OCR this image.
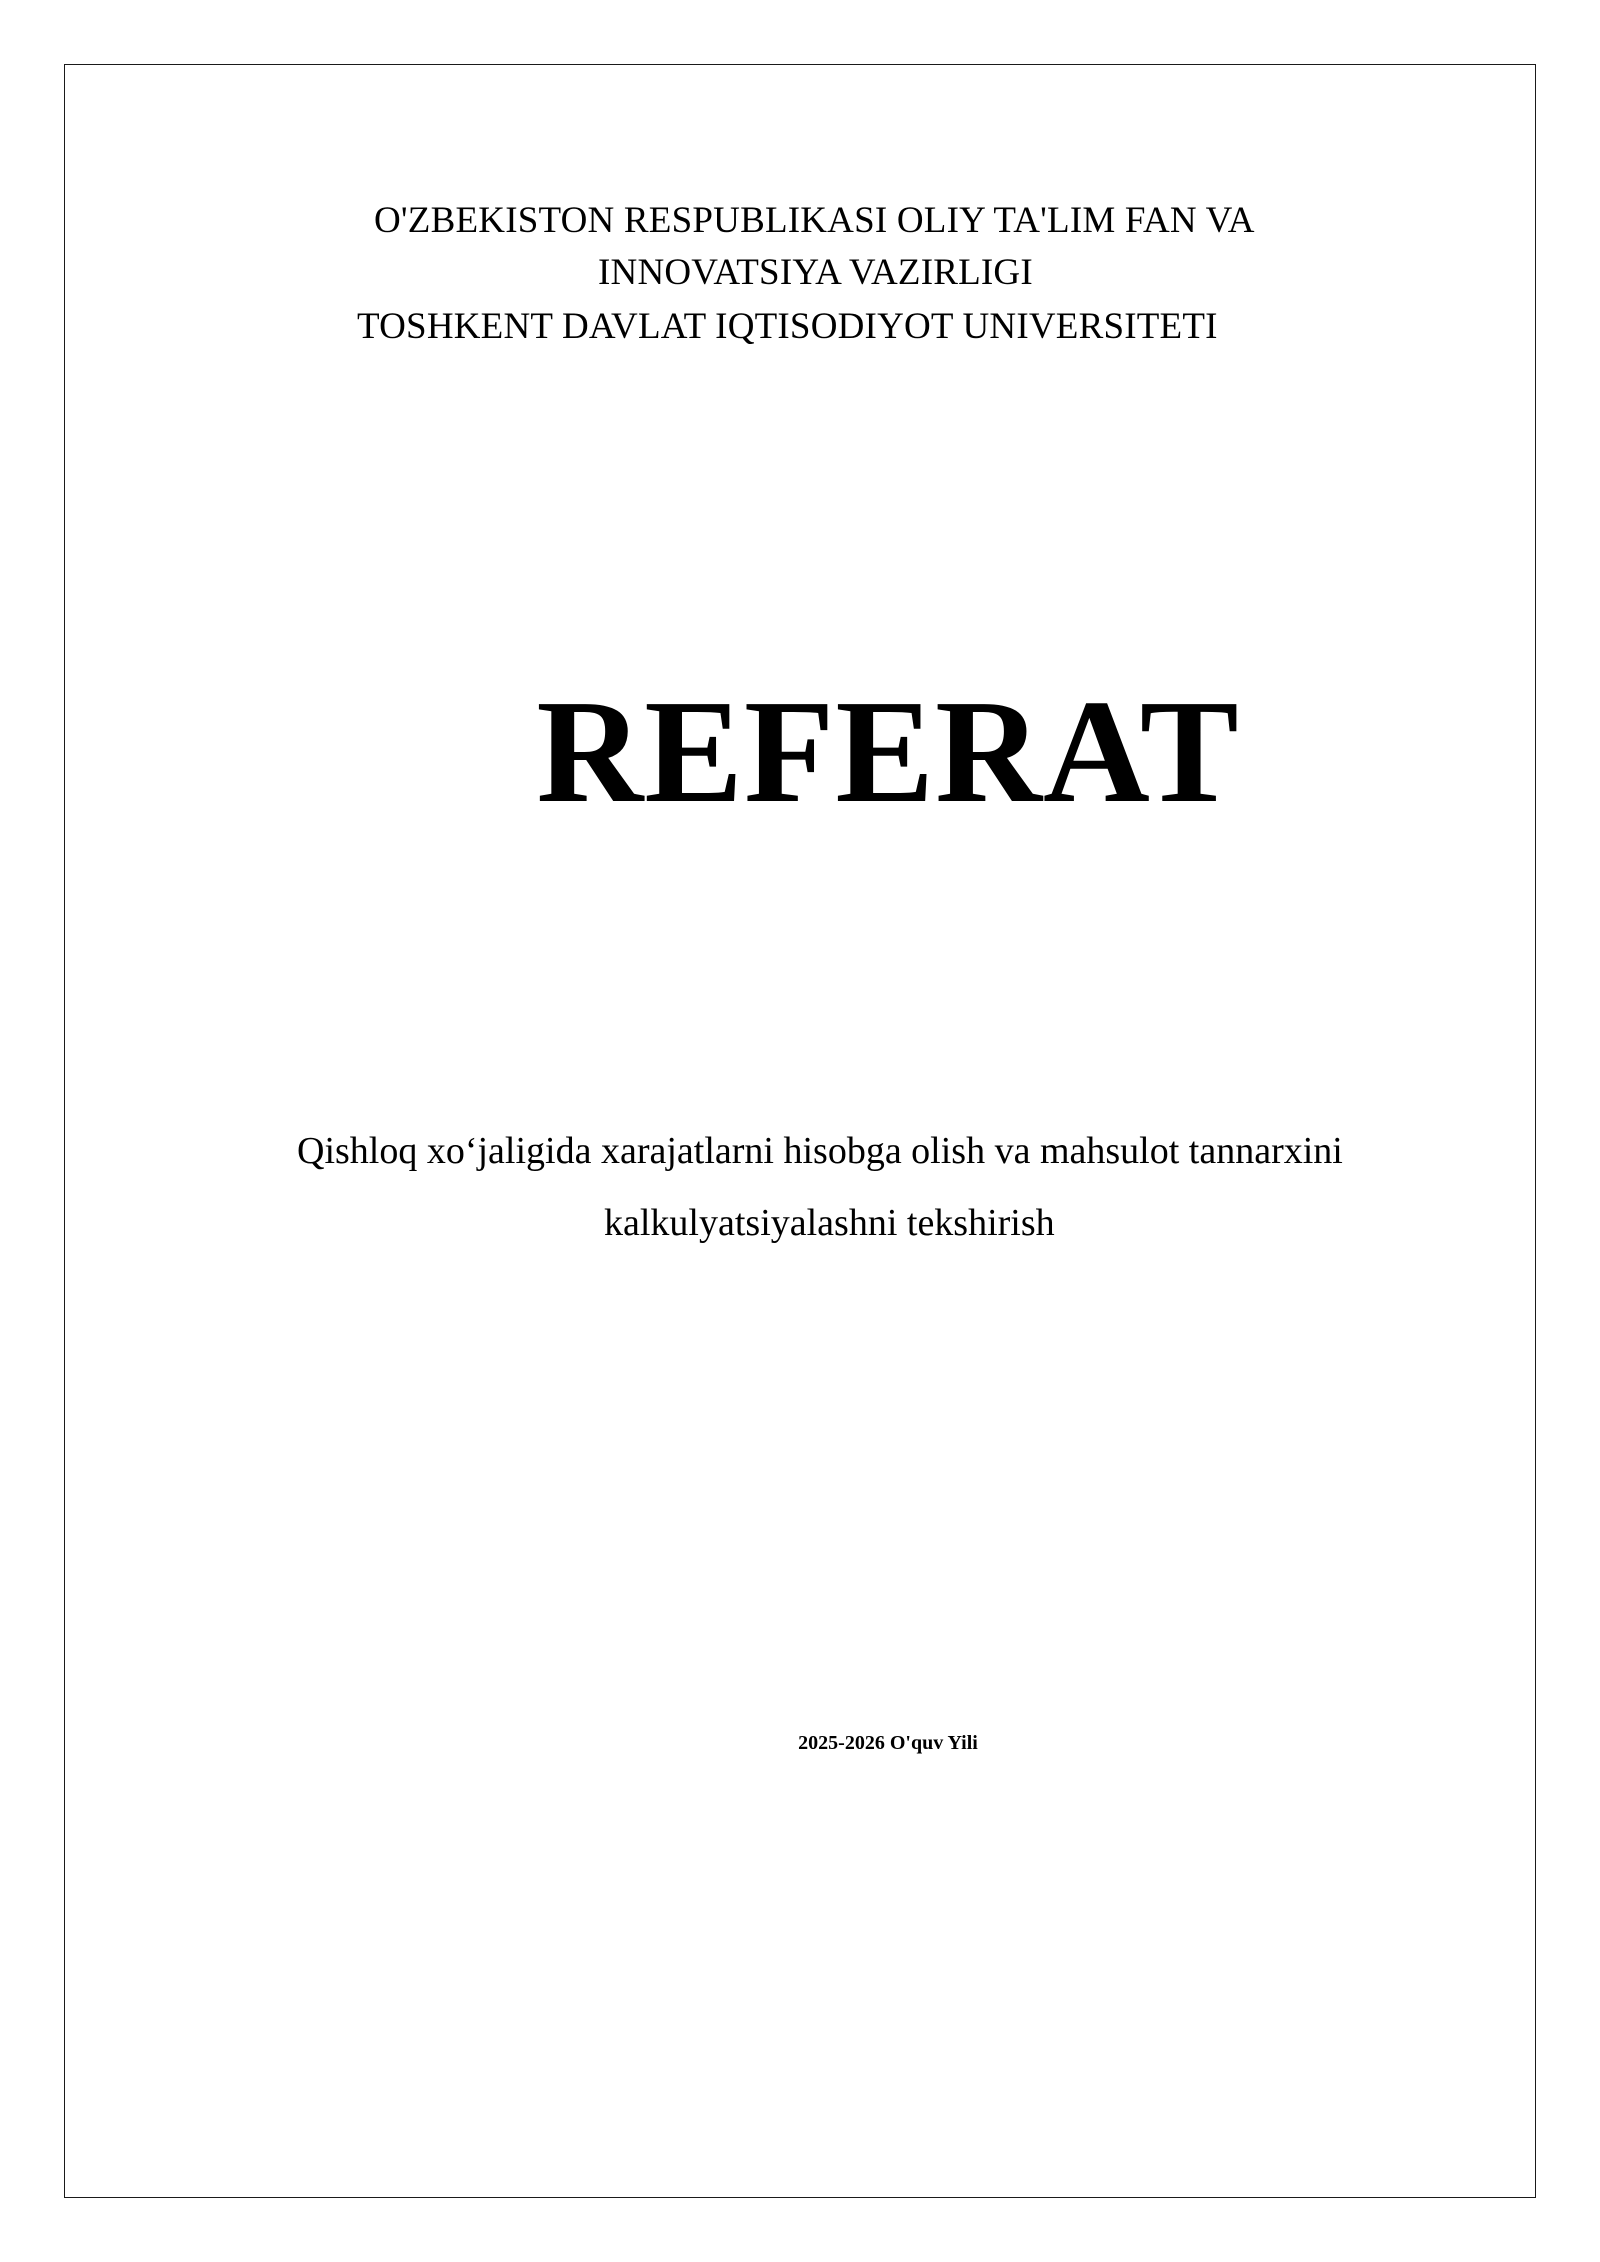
O'ZBEKISTON RESPUBLIKASI OLIY TA'LIM FAN VA
INNOVATSIYA VAZIRLIGI
TOSHKENT DAVLAT IQTISODIYOT UNIVERSITETI
REFERAT
Qishloq xo‘jaligida xarajatlarni hisobga olish va mahsulot tannarxini
kalkulyatsiyalashni tekshirish
2025-2026 O'quv Yili
